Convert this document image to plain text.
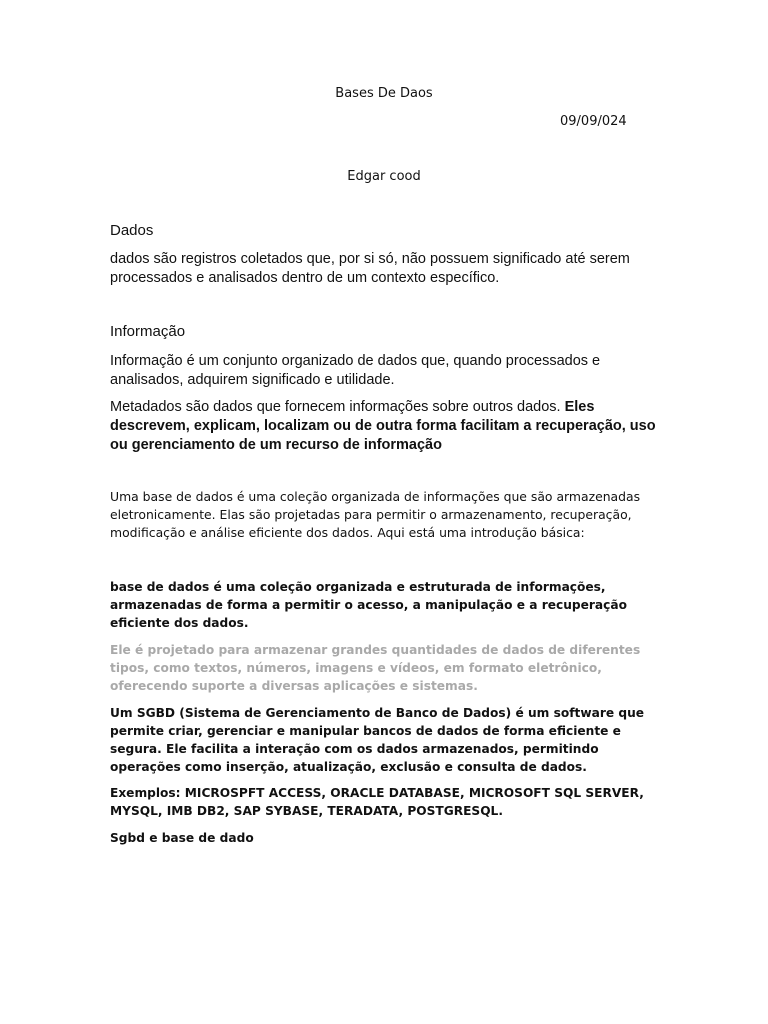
Bases De Daos

09/09/024

Edgar cood

Dados

dados são registros coletados que, por si só, não possuem significado até serem processados e analisados dentro de um contexto específico.

Informação

Informação é um conjunto organizado de dados que, quando processados e analisados, adquirem significado e utilidade.

Metadados são dados que fornecem informações sobre outros dados. Eles descrevem, explicam, localizam ou de outra forma facilitam a recuperação, uso ou gerenciamento de um recurso de informação

Uma base de dados é uma coleção organizada de informações que são armazenadas eletronicamente. Elas são projetadas para permitir o armazenamento, recuperação, modificação e análise eficiente dos dados. Aqui está uma introdução básica:

base de dados é uma coleção organizada e estruturada de informações, armazenadas de forma a permitir o acesso, a manipulação e a recuperação eficiente dos dados.

Ele é projetado para armazenar grandes quantidades de dados de diferentes tipos, como textos, números, imagens e vídeos, em formato eletrônico, oferecendo suporte a diversas aplicações e sistemas.

Um SGBD (Sistema de Gerenciamento de Banco de Dados) é um software que permite criar, gerenciar e manipular bancos de dados de forma eficiente e segura. Ele facilita a interação com os dados armazenados, permitindo operações como inserção, atualização, exclusão e consulta de dados.

Exemplos: MICROSPFT ACCESS, ORACLE DATABASE, MICROSOFT SQL SERVER, MYSQL, IMB DB2, SAP SYBASE, TERADATA, POSTGRESQL.

Sgbd e base de dado
